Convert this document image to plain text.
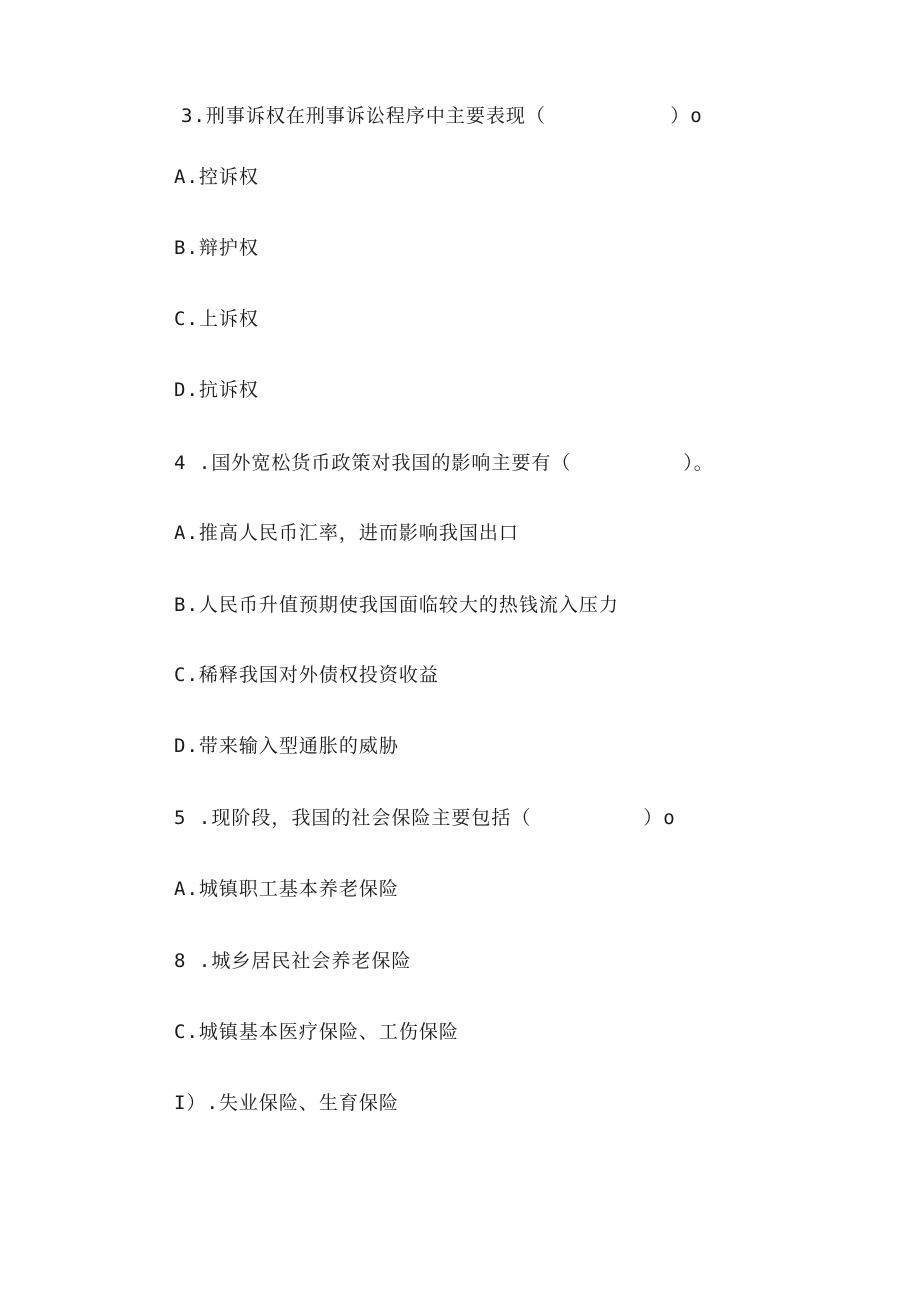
3.刑事诉权在刑事诉讼程序中主要表现（          ）o
A.控诉权
B.辩护权
C.上诉权
D.抗诉权
4 .国外宽松货币政策对我国的影响主要有（         ）。
A.推高人民币汇率，进而影响我国出口
B.人民币升值预期使我国面临较大的热钱流入压力
C.稀释我国对外债权投资收益
D.带来输入型通胀的威胁
5 .现阶段，我国的社会保险主要包括（         ）o
A.城镇职工基本养老保险
8 .城乡居民社会养老保险
C.城镇基本医疗保险、工伤保险
I）.失业保险、生育保险
